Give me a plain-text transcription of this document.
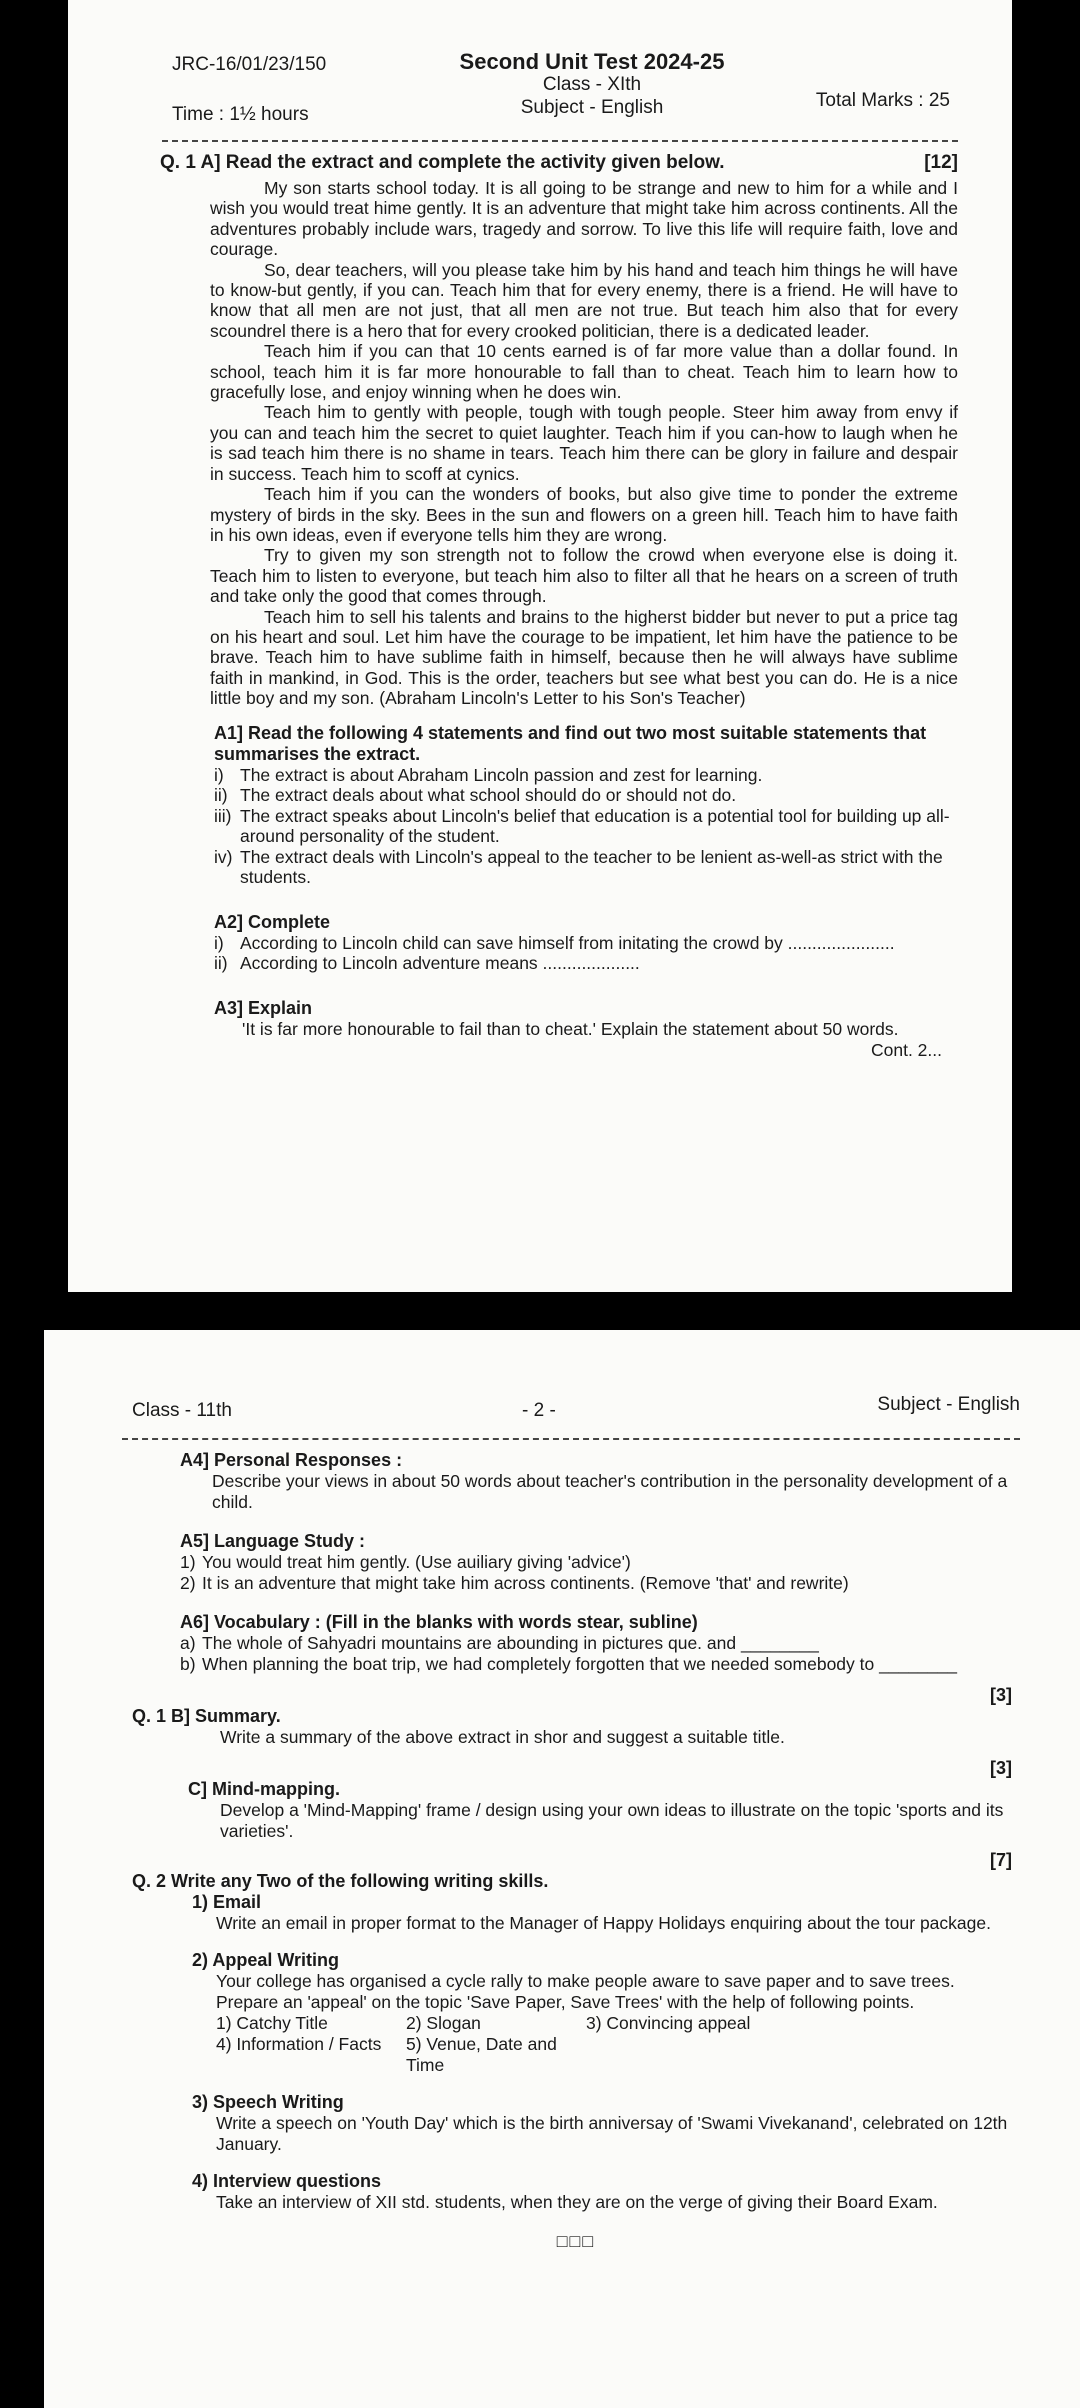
JRC-16/01/23/150
Time : 1½ hours
Second Unit Test 2024-25
Class - XIth
Subject - English	Total Marks : 25
Q. 1 A] Read the extract and complete the activity given below.	[12]

My son starts school today. It is all going to be strange and new to him for a while and I wish you would treat hime gently. It is an adventure that might take him across continents. All the adventures probably include wars, tragedy and sorrow. To live this life will require faith, love and courage.

So, dear teachers, will you please take him by his hand and teach him things he will have to know-but gently, if you can. Teach him that for every enemy, there is a friend. He will have to know that all men are not just, that all men are not true. But teach him also that for every scoundrel there is a hero that for every crooked politician, there is a dedicated leader.

Teach him if you can that 10 cents earned is of far more value than a dollar found. In school, teach him it is far more honourable to fall than to cheat. Teach him to learn how to gracefully lose, and enjoy winning when he does win.

Teach him to gently with people, tough with tough people. Steer him away from envy if you can and teach him the secret to quiet laughter. Teach him if you can-how to laugh when he is sad teach him there is no shame in tears. Teach him there can be glory in failure and despair in success. Teach him to scoff at cynics.

Teach him if you can the wonders of books, but also give time to ponder the extreme mystery of birds in the sky. Bees in the sun and flowers on a green hill. Teach him to have faith in his own ideas, even if everyone tells him they are wrong.

Try to given my son strength not to follow the crowd when everyone else is doing it. Teach him to listen to everyone, but teach him also to filter all that he hears on a screen of truth and take only the good that comes through.

Teach him to sell his talents and brains to the higherst bidder but never to put a price tag on his heart and soul. Let him have the courage to be impatient, let him have the patience to be brave. Teach him to have sublime faith in himself, because then he will always have sublime faith in mankind, in God. This is the order, teachers but see what best you can do. He is a nice little boy and my son. (Abraham Lincoln's Letter to his Son's Teacher)

A1] Read the following 4 statements and find out two most suitable statements that summarises the extract.
i) The extract is about Abraham Lincoln passion and zest for learning.
ii) The extract deals about what school should do or should not do.
iii) The extract speaks about Lincoln's belief that education is a potential tool for building up all-around personality of the student.
iv) The extract deals with Lincoln's appeal to the teacher to be lenient as-well-as strict with the students.
A2] Complete
i) According to Lincoln child can save himself from initating the crowd by ......................
ii) According to Lincoln adventure means ....................
A3] Explain
'It is far more honourable to fail than to cheat.' Explain the statement about 50 words.
Cont. 2...
Class - 11th	- 2 -	Subject - English
A4] Personal Responses :
Describe your views in about 50 words about teacher's contribution in the personality development of a child.
A5] Language Study :
1) You would treat him gently. (Use auiliary giving 'advice')
2) It is an adventure that might take him across continents. (Remove 'that' and rewrite)
A6] Vocabulary : (Fill in the blanks with words stear, subline)
a) The whole of Sahyadri mountains are abounding in pictures que. and ________
b) When planning the boat trip, we had completely forgotten that we needed somebody to ________
[3]
Q. 1 B] Summary.
Write a summary of the above extract in shor and suggest a suitable title.
[3]
C] Mind-mapping.
Develop a 'Mind-Mapping' frame / design using your own ideas to illustrate on the topic 'sports and its varieties'.
[7]
Q. 2 Write any Two of the following writing skills.
1) Email
Write an email in proper format to the Manager of Happy Holidays enquiring about the tour package.
2) Appeal Writing
Your college has organised a cycle rally to make people aware to save paper and to save trees.
Prepare an 'appeal' on the topic 'Save Paper, Save Trees' with the help of following points.
1) Catchy Title	2) Slogan	3) Convincing appeal
4) Information / Facts	5) Venue, Date and Time
3) Speech Writing
Write a speech on 'Youth Day' which is the birth anniversay of 'Swami Vivekanand', celebrated on 12th January.
4) Interview questions
Take an interview of XII std. students, when they are on the verge of giving their Board Exam.
□□□
